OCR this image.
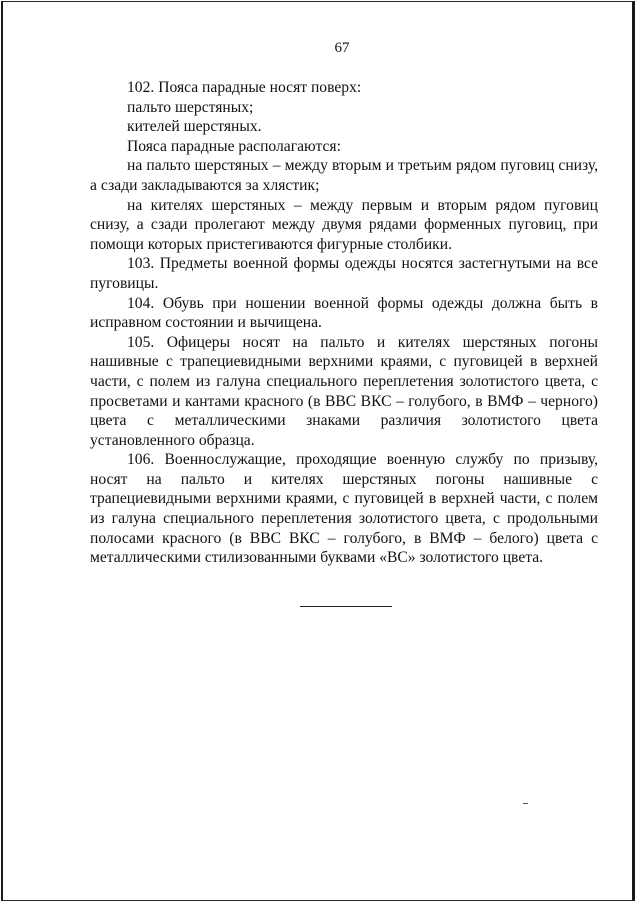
67

102. Пояса парадные носят поверх:

пальто шерстяных;

кителей шерстяных.

Пояса парадные располагаются:

на пальто шерстяных – между вторым и третьим рядом пуговиц снизу, а сзади закладываются за хлястик;

на кителях шерстяных – между первым и вторым рядом пуговиц снизу, а сзади пролегают между двумя рядами форменных пуговиц, при помощи которых пристегиваются фигурные столбики.

103. Предметы военной формы одежды носятся застегнутыми на все пуговицы.

104. Обувь при ношении военной формы одежды должна быть в исправном состоянии и вычищена.

105. Офицеры носят на пальто и кителях шерстяных погоны нашивные с трапециевидными верхними краями, с пуговицей в верхней части, с полем из галуна специального переплетения золотистого цвета, с просветами и кантами красного (в ВВС ВКС – голубого, в ВМФ – черного) цвета с металлическими знаками различия золотистого цвета установленного образца.

106. Военнослужащие, проходящие военную службу по призыву, носят на пальто и кителях шерстяных погоны нашивные с трапециевидными верхними краями, с пуговицей в верхней части, с полем из галуна специального переплетения золотистого цвета, с продольными полосами красного (в ВВС ВКС – голубого, в ВМФ – белого) цвета с металлическими стилизованными буквами «ВС» золотистого цвета.
